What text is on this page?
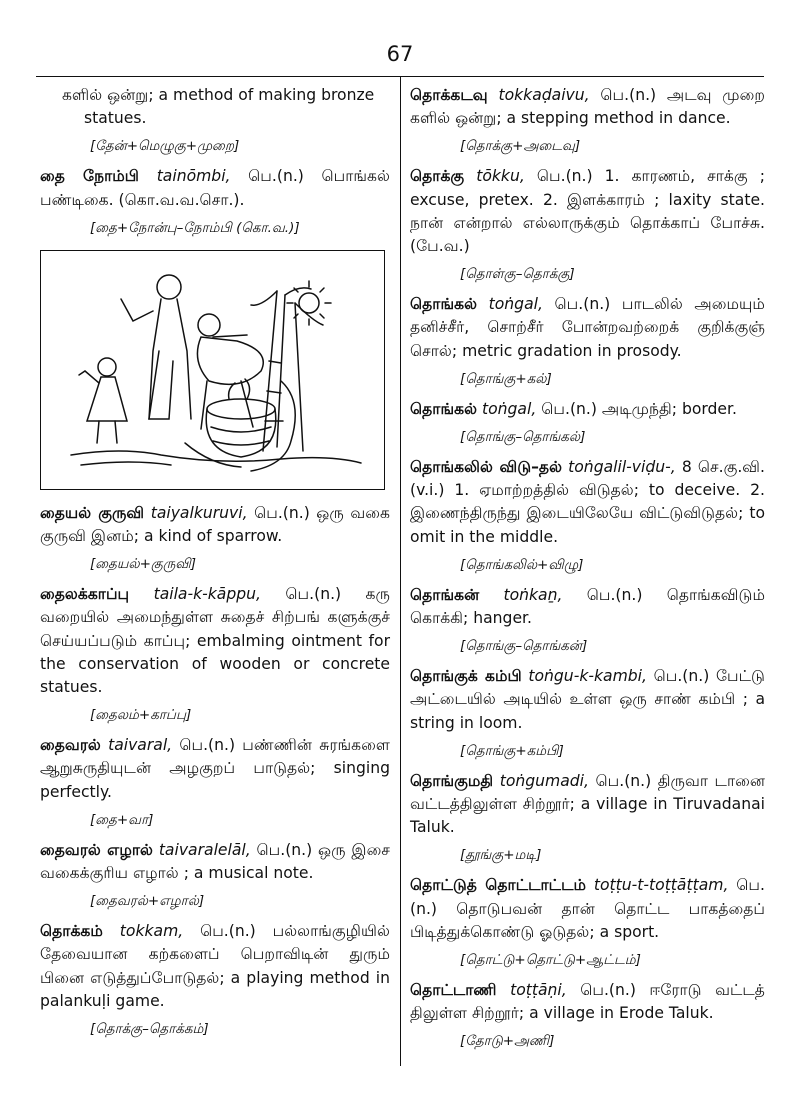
67

களில் ஒன்று; a method of making bronze
statues.

[தேன்+மெழுகு+முறை]

தை நோம்பி tainōmbi, பெ.(n.) பொங்கல் பண்டிகை. (கொ.வ.வ.சொ.).

[தை+நோன்பு–நோம்பி (கொ.வ.)]

தையல் குருவி taiyalkuruvi, பெ.(n.) ஒரு வகை குருவி இனம்; a kind of sparrow.

[தையல்+குருவி]

தைலக்காப்பு taila-k-kāppu, பெ.(n.) கரு வறையில் அமைந்துள்ள சுதைச் சிற்பங் களுக்குச் செய்யப்படும் காப்பு; embalming ointment for the conservation of wooden or concrete statues.

[தைலம்+காப்பு]

தைவரல் taivaral, பெ.(n.) பண்ணின் சுரங்களை ஆறுசுருதியுடன் அழகுறப் பாடுதல்; singing perfectly.

[தை+வா]

தைவரல் எழால் taivaralelāl, பெ.(n.) ஒரு இசை வகைக்குரிய எழால் ; a musical note.

[தைவரல்+எழால்]

தொக்கம் tokkam, பெ.(n.) பல்லாங்குழியில் தேவையான கற்களைப் பெறாவிடின் துரும் பினை எடுத்துப்போடுதல்; a playing method in palankuḷi game.

[தொக்கு–தொக்கம்]

தொக்கடவு tokkaḍaivu, பெ.(n.) அடவு முறை களில் ஒன்று; a stepping method in dance.

[தொக்கு+அடைவு]

தொக்கு tōkku, பெ.(n.) 1. காரணம், சாக்கு ; excuse, pretex. 2. இளக்காரம் ; laxity state. நான் என்றால் எல்லாருக்கும் தொக்காப் போச்சு.(பே.வ.)

[தொள்கு–தொக்கு]

தொங்கல் toṅgal, பெ.(n.) பாடலில் அமையும் தனிச்சீர், சொற்சீர் போன்றவற்றைக் குறிக்குஞ் சொல்; metric gradation in prosody.

[தொங்கு+கல்]

தொங்கல் toṅgal, பெ.(n.) அடிமுந்தி; border.

[தொங்கு–தொங்கல்]

தொங்கலில் விடு–தல் toṅgalil-viḍu-, 8 செ.கு.வி. (v.i.) 1. ஏமாற்றத்தில் விடுதல்; to deceive. 2. இணைந்திருந்து இடையிலேயே விட்டுவிடுதல்; to omit in the middle.

[தொங்கலில்+விழு]

தொங்கன் toṅkaṉ, பெ.(n.) தொங்கவிடும் கொக்கி; hanger.

[தொங்கு–தொங்கன்]

தொங்குக் கம்பி toṅgu-k-kambi, பெ.(n.) பேட்டு அட்டையில் அடியில் உள்ள ஒரு சாண் கம்பி ; a string in loom.

[தொங்கு+கம்பி]

தொங்குமதி toṅgumadi, பெ.(n.) திருவா டானை வட்டத்திலுள்ள சிற்றூர்; a village in Tiruvadanai Taluk.

[தூங்கு+மடி]

தொட்டுத் தொட்டாட்டம் toṭṭu-t-toṭṭāṭṭam, பெ.(n.) தொடுபவன் தான் தொட்ட பாகத்தைப் பிடித்துக்கொண்டு ஓடுதல்; a sport.

[தொட்டு+தொட்டு+ஆட்டம்]

தொட்டாணி toṭṭāṇi, பெ.(n.) ஈரோடு வட்டத் திலுள்ள சிற்றூர்; a village in Erode Taluk.

[தோடு+அணி]
